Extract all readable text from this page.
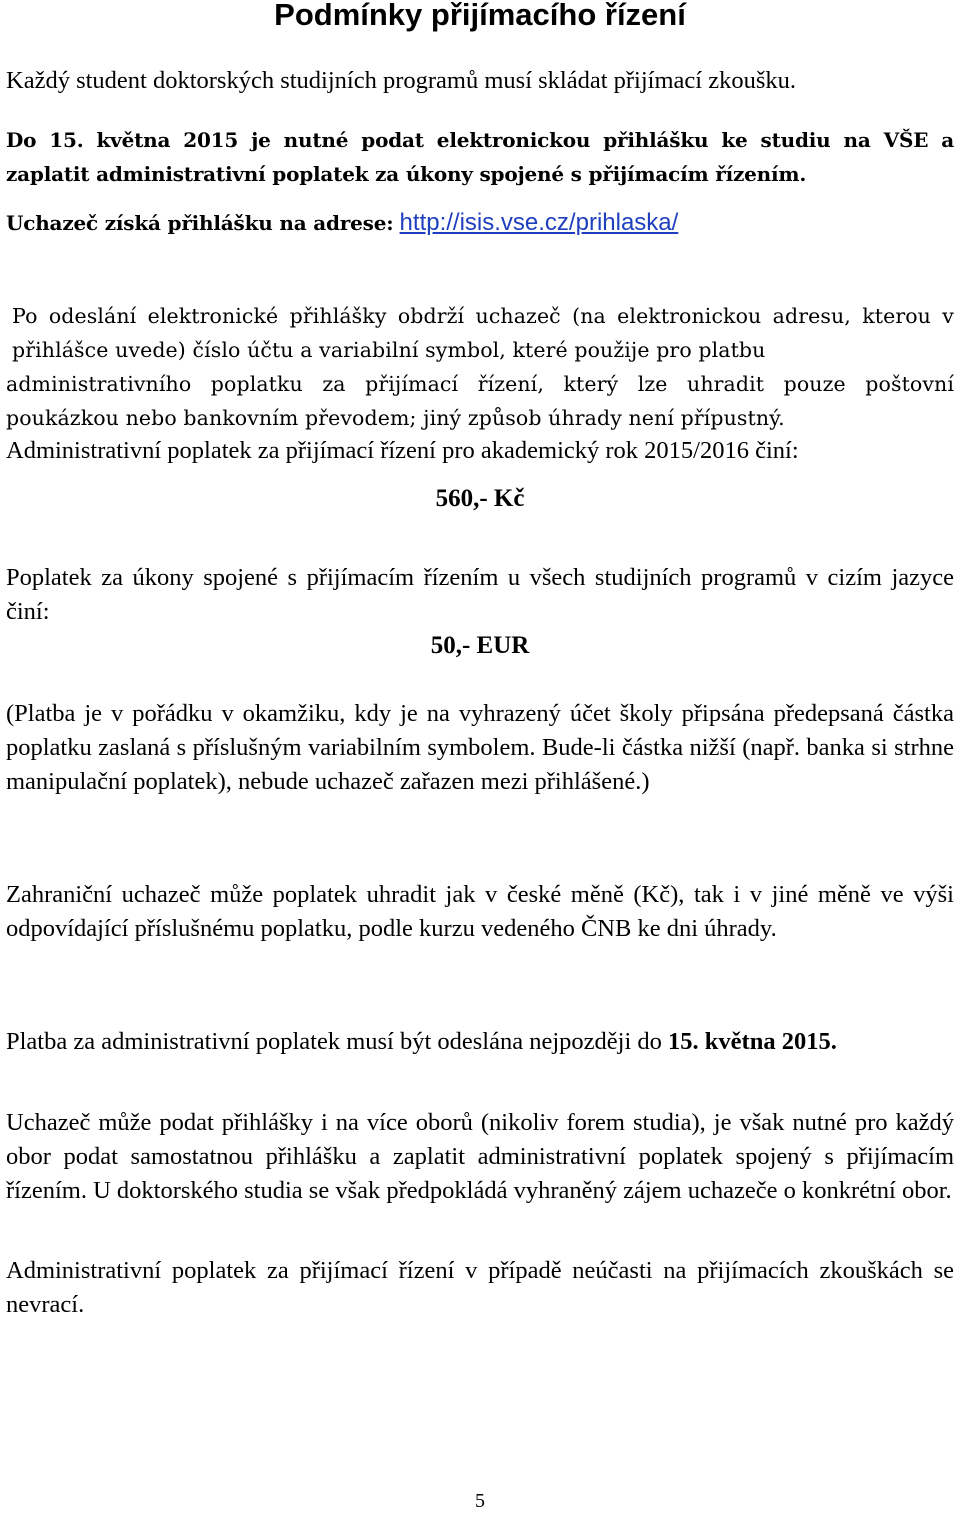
Podmínky přijímacího řízení

Každý student doktorských studijních programů musí skládat přijímací zkoušku.

Do 15. května 2015 je nutné podat elektronickou přihlášku ke studiu na VŠE a zaplatit administrativní poplatek za úkony spojené s přijímacím řízením.

Uchazeč získá přihlášku na adrese: http://isis.vse.cz/prihlaska/

Po odeslání elektronické přihlášky obdrží uchazeč (na elektronickou adresu, kterou v přihlášce uvede) číslo účtu a variabilní symbol, které použije pro platbu

administrativního poplatku za přijímací řízení, který lze uhradit pouze poštovní poukázkou nebo bankovním převodem; jiný způsob úhrady není přípustný.

Administrativní poplatek za přijímací řízení pro akademický rok 2015/2016 činí:

560,- Kč

Poplatek za úkony spojené s přijímacím řízením u všech studijních programů v cizím jazyce činí:

50,- EUR

(Platba je v pořádku v okamžiku, kdy je na vyhrazený účet školy připsána předepsaná částka poplatku zaslaná s příslušným variabilním symbolem. Bude-li částka nižší (např. banka si strhne manipulační poplatek), nebude uchazeč zařazen mezi přihlášené.)

Zahraniční uchazeč může poplatek uhradit jak v české měně (Kč), tak i v jiné měně ve výši odpovídající příslušnému poplatku, podle kurzu vedeného ČNB ke dni úhrady.

Platba za administrativní poplatek musí být odeslána nejpozději do 15. května 2015.

Uchazeč může podat přihlášky i na více oborů (nikoliv forem studia), je však nutné pro každý obor podat samostatnou přihlášku a zaplatit administrativní poplatek spojený s přijímacím řízením. U doktorského studia se však předpokládá vyhraněný zájem uchazeče o konkrétní obor.

Administrativní poplatek za přijímací řízení v případě neúčasti na přijímacích zkouškách se nevrací.

5
